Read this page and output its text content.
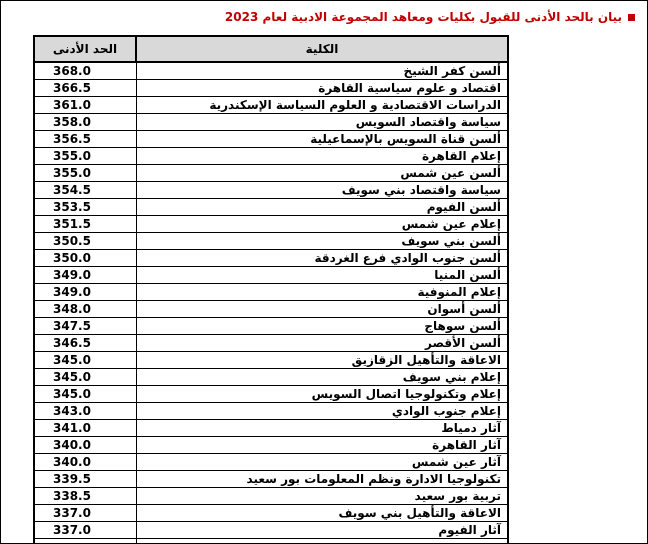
بيان بالحد الأدنى للقبول بكليات ومعاهد المجموعة الادبية لعام 2023
الحد الأدنى	الكلية
368.0	ألسن كفر الشيخ
366.5	اقتصاد و علوم سياسية القاهرة
361.0	الدراسات الاقتصادية و العلوم السياسة الإسكندرية
358.0	سياسة واقتصاد السويس
356.5	ألسن قناة السويس بالإسماعيلية
355.0	إعلام القاهرة
355.0	ألسن عين شمس
354.5	سياسة واقتصاد بني سويف
353.5	ألسن الفيوم
351.5	إعلام عين شمس
350.5	ألسن بني سويف
350.0	ألسن جنوب الوادي فرع الغردقة
349.0	ألسن المنيا
349.0	إعلام المنوفية
348.0	ألسن أسوان
347.5	ألسن سوهاج
346.5	ألسن الأقصر
345.0	الاعاقة والتأهيل الزقازيق
345.0	إعلام بني سويف
345.0	إعلام وتكنولوجيا اتصال السويس
343.0	إعلام جنوب الوادي
341.0	آثار دمياط
340.0	آثار القاهرة
340.0	آثار عين شمس
339.5	تكنولوجيا الادارة ونظم المعلومات بور سعيد
338.5	تربية بور سعيد
337.0	الاعاقة والتأهيل بني سويف
337.0	آثار الفيوم
